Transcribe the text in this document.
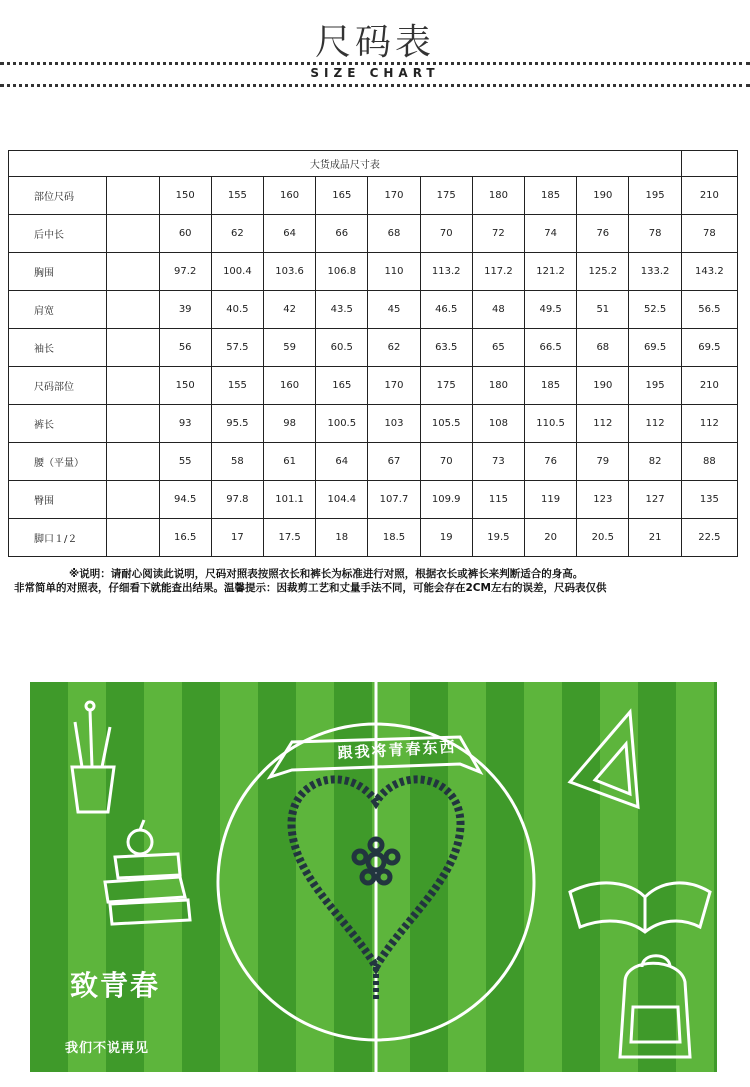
尺码表
SIZE CHART
大货成品尺寸表												
部位尺码		150	155	160	165	170	175	180	185	190	195	210
后中长		60	62	64	66	68	70	72	74	76	78	78
胸围		97.2	100.4	103.6	106.8	110	113.2	117.2	121.2	125.2	133.2	143.2
肩宽		39	40.5	42	43.5	45	46.5	48	49.5	51	52.5	56.5
袖长		56	57.5	59	60.5	62	63.5	65	66.5	68	69.5	69.5
尺码部位		150	155	160	165	170	175	180	185	190	195	210
裤长		93	95.5	98	100.5	103	105.5	108	110.5	112	112	112
腰（平量）		55	58	61	64	67	70	73	76	79	82	88
臀围		94.5	97.8	101.1	104.4	107.7	109.9	115	119	123	127	135
脚口１/２		16.5	17	17.5	18	18.5	19	19.5	20	20.5	21	22.5
※说明：请耐心阅读此说明，尺码对照表按照衣长和裤长为标准进行对照，根据衣长或裤长来判断适合的身高。
非常简单的对照表，仔细看下就能查出结果。温馨提示：因裁剪工艺和丈量手法不同，可能会存在2CM左右的误差，尺码表仅供
跟我将青春东西
致青春
我们不说再见
